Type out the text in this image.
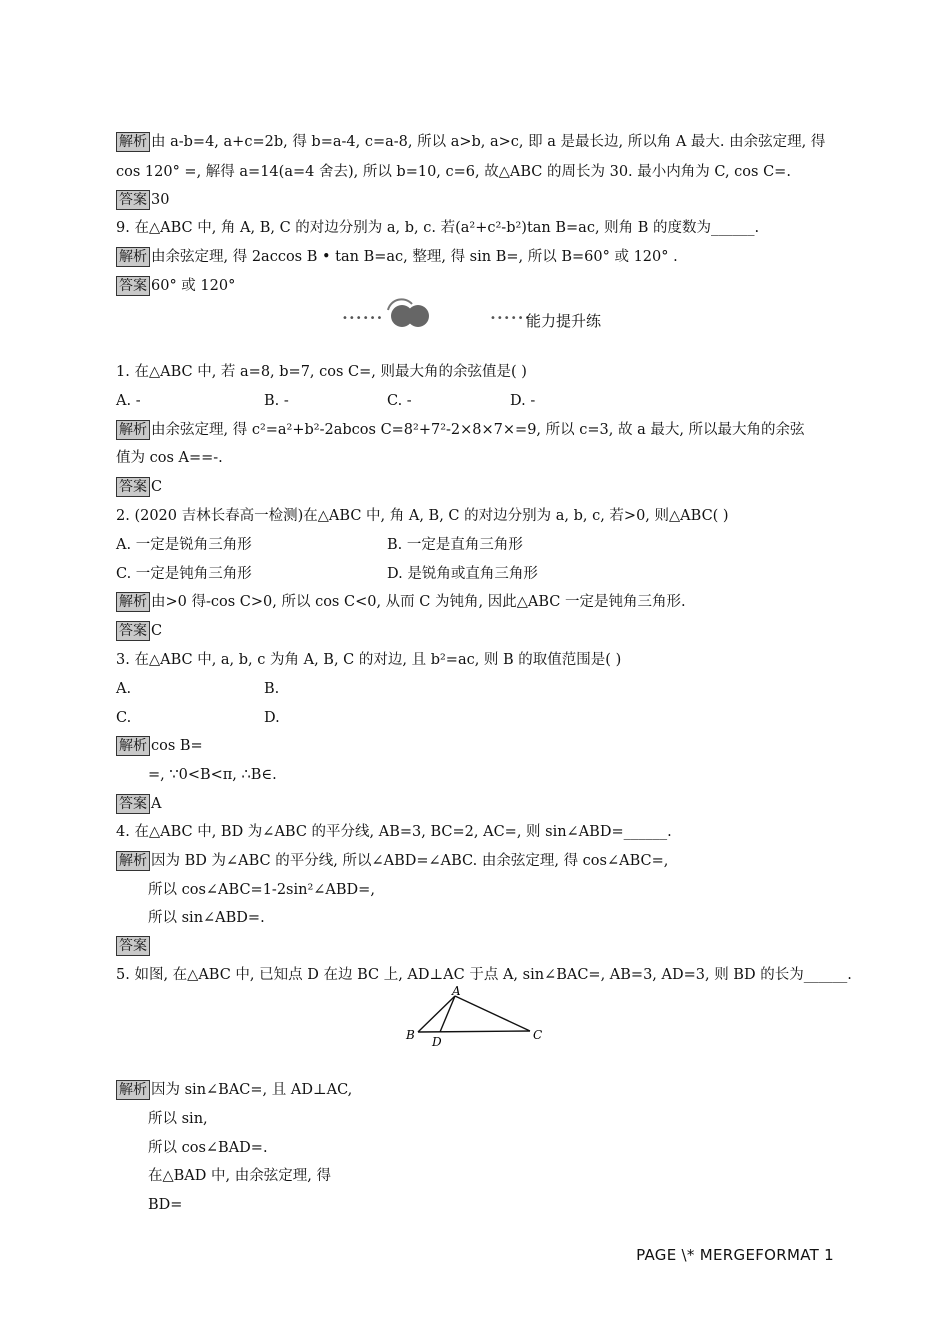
解析 由 a-b=4, a+c=2b, 得 b=a-4, c=a-8, 所以 a>b, a>c, 即 a 是最长边, 所以角 A 最大. 由余弦定理, 得
cos 120° =, 解得 a=14(a=4 舍去), 所以 b=10, c=6, 故△ABC 的周长为 30. 最小内角为 C, cos C=.
答案 30
9. 在△ABC 中, 角 A, B, C 的对边分别为 a, b, c. 若(a²+c²-b²)tan B=ac, 则角 B 的度数为______.
解析 由余弦定理, 得 2accos B • tan B=ac, 整理, 得 sin B=, 所以 B=60° 或 120° .
答案 60° 或 120°
••••••	••••••
能力提升练
1. 在△ABC 中, 若 a=8, b=7, cos C=, 则最大角的余弦值是( )
A. -	B. -	C. -	D. -
解析 由余弦定理, 得 c²=a²+b²-2abcos C=8²+7²-2×8×7×=9, 所以 c=3, 故 a 最大, 所以最大角的余弦
值为 cos A==-.
答案 C
2. (2020 吉林长春高一检测)在△ABC 中, 角 A, B, C 的对边分别为 a, b, c, 若>0, 则△ABC( )
A. 一定是锐角三角形	B. 一定是直角三角形
C. 一定是钝角三角形	D. 是锐角或直角三角形
解析 由>0 得-cos C>0, 所以 cos C<0, 从而 C 为钝角, 因此△ABC 一定是钝角三角形.
答案 C
3. 在△ABC 中, a, b, c 为角 A, B, C 的对边, 且 b²=ac, 则 B 的取值范围是( )
A.	B.
C.	D.
解析 cos B=
=, ∵0<B<π, ∴B∈.
答案 A
4. 在△ABC 中, BD 为∠ABC 的平分线, AB=3, BC=2, AC=, 则 sin∠ABD=______.
解析 因为 BD 为∠ABC 的平分线, 所以∠ABD=∠ABC. 由余弦定理, 得 cos∠ABC=,
所以 cos∠ABC=1-2sin²∠ABD=,
所以 sin∠ABD=.
答案
5. 如图, 在△ABC 中, 已知点 D 在边 BC 上, AD⊥AC 于点 A, sin∠BAC=, AB=3, AD=3, 则 BD 的长为______.
A
B D	C
解析 因为 sin∠BAC=, 且 AD⊥AC,
所以 sin,
所以 cos∠BAD=.
在△BAD 中, 由余弦定理, 得
BD=
PAGE \* MERGEFORMAT 1
